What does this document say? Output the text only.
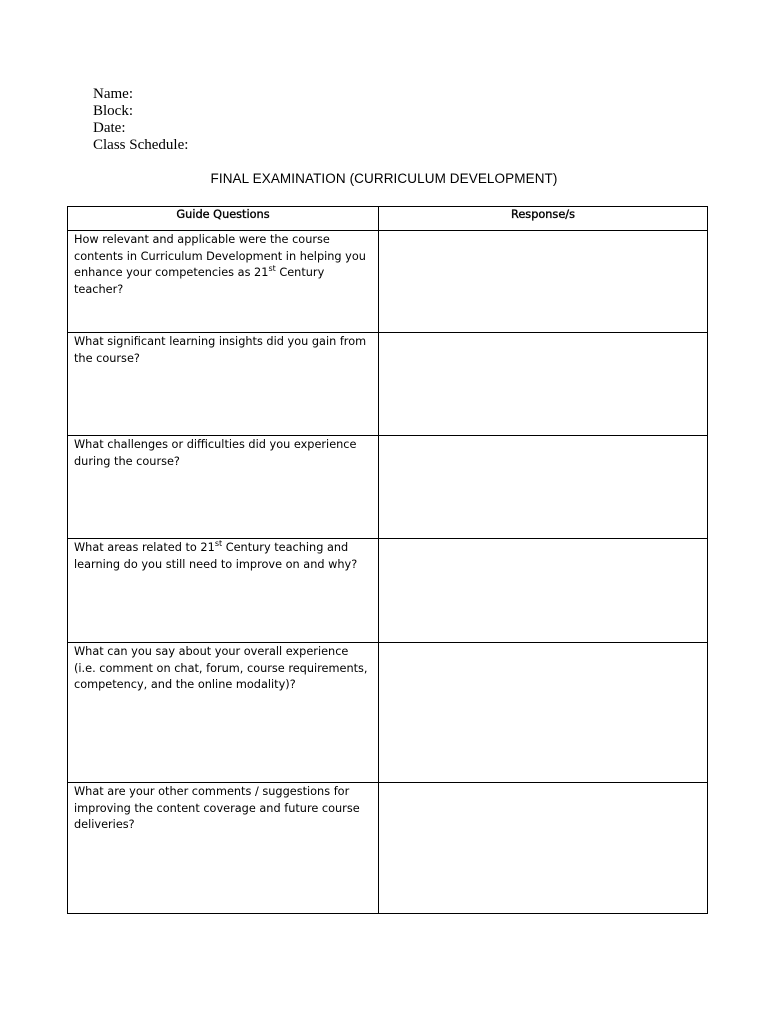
Name:
Block:
Date:
Class Schedule:
FINAL EXAMINATION (CURRICULUM DEVELOPMENT)
Guide Questions	Response/s
How relevant and applicable were the course contents in Curriculum Development in helping you enhance your competencies as 21st Century teacher?	
What significant learning insights did you gain from the course?	
What challenges or difficulties did you experience during the course?	
What areas related to 21st Century teaching and learning do you still need to improve on and why?	
What can you say about your overall experience (i.e. comment on chat, forum, course requirements, competency, and the online modality)?	
What are your other comments / suggestions for improving the content coverage and future course deliveries?	
